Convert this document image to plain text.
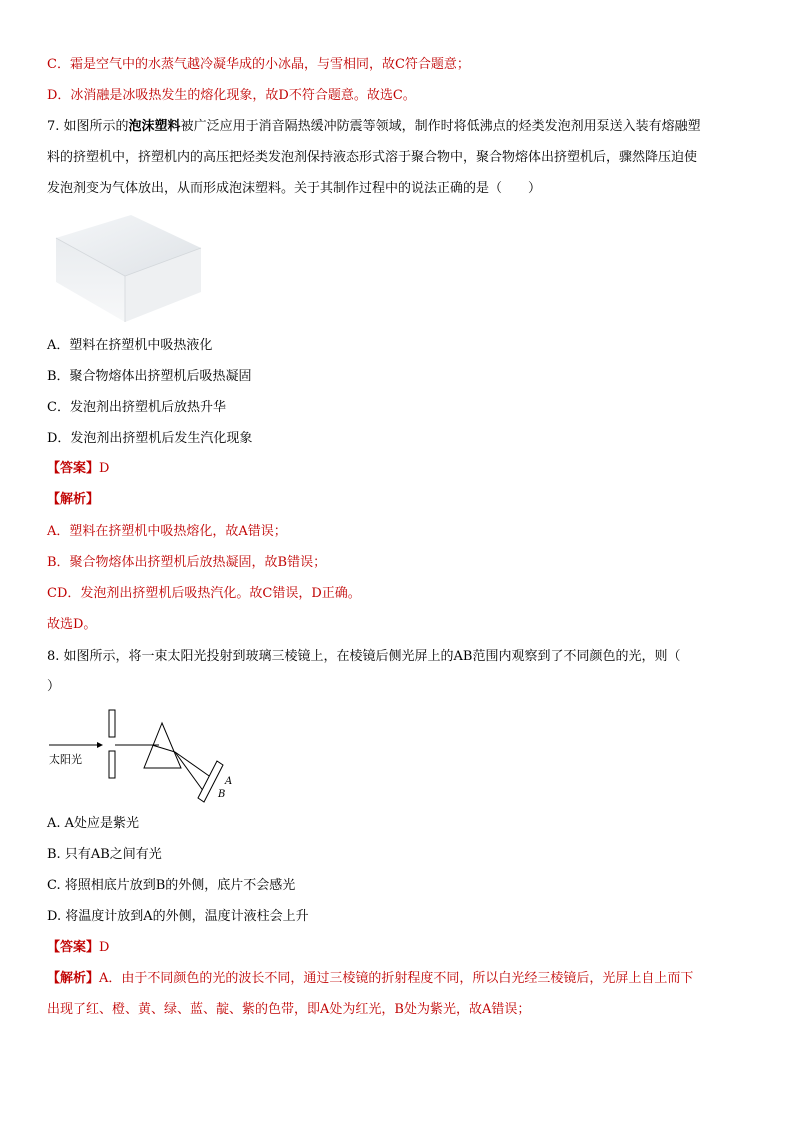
C．霜是空气中的水蒸气越冷凝华成的小冰晶，与雪相同，故C符合题意；
D．冰消融是冰吸热发生的熔化现象，故D不符合题意。故选C。
7. 如图所示的泡沫塑料被广泛应用于消音隔热缓冲防震等领域，制作时将低沸点的烃类发泡剂用泵送入装有熔融塑
料的挤塑机中，挤塑机内的高压把烃类发泡剂保持液态形式溶于聚合物中，聚合物熔体出挤塑机后，骤然降压迫使
发泡剂变为气体放出，从而形成泡沫塑料。关于其制作过程中的说法正确的是（　　）
A．塑料在挤塑机中吸热液化
B．聚合物熔体出挤塑机后吸热凝固
C．发泡剂出挤塑机后放热升华
D．发泡剂出挤塑机后发生汽化现象
【答案】D
【解析】
A．塑料在挤塑机中吸热熔化，故A错误；
B．聚合物熔体出挤塑机后放热凝固，故B错误；
CD．发泡剂出挤塑机后吸热汽化。故C错误，D正确。
故选D。
8. 如图所示，将一束太阳光投射到玻璃三棱镜上，在棱镜后侧光屏上的AB范围内观察到了不同颜色的光，则（
）
太阳光
A
B
A. A处应是紫光
B. 只有AB之间有光
C. 将照相底片放到B的外侧，底片不会感光
D. 将温度计放到A的外侧，温度计液柱会上升
【答案】D
【解析】A．由于不同颜色的光的波长不同，通过三棱镜的折射程度不同，所以白光经三棱镜后，光屏上自上而下
出现了红、橙、黄、绿、蓝、靛、紫的色带，即A处为红光，B处为紫光，故A错误；
